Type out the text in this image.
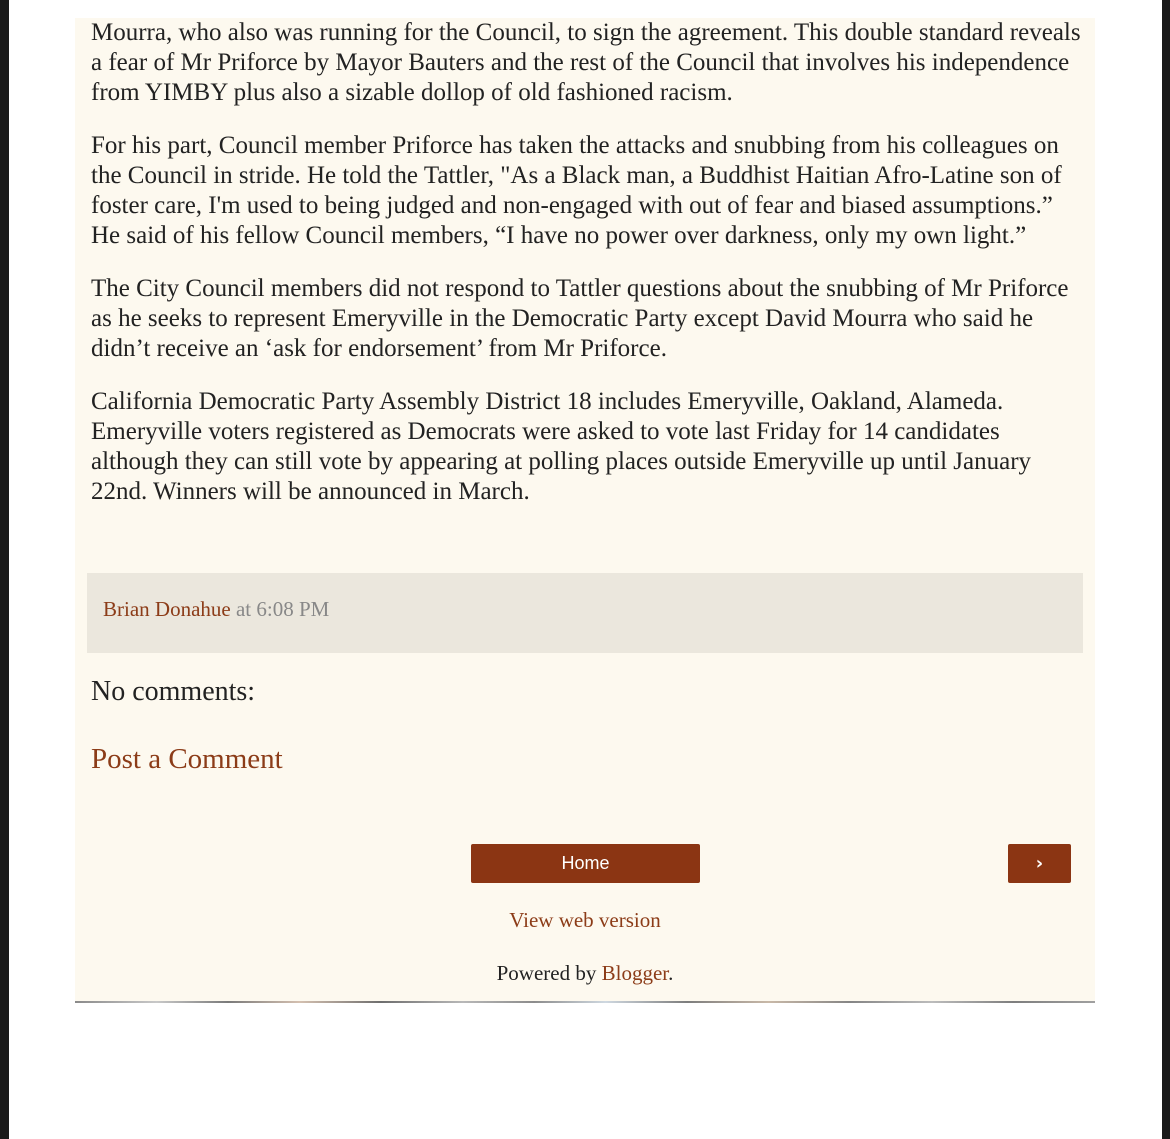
Mourra, who also was running for the Council, to sign the agreement. This double standard reveals a fear of Mr Priforce by Mayor Bauters and the rest of the Council that involves his independence from YIMBY plus also a sizable dollop of old fashioned racism.

For his part, Council member Priforce has taken the attacks and snubbing from his colleagues on the Council in stride. He told the Tattler, "As a Black man, a Buddhist Haitian Afro-Latine son of foster care, I'm used to being judged and non-engaged with out of fear and biased assumptions.” He said of his fellow Council members, “I have no power over darkness, only my own light.”

The City Council members did not respond to Tattler questions about the snubbing of Mr Priforce as he seeks to represent Emeryville in the Democratic Party except David Mourra who said he didn’t receive an ‘ask for endorsement’ from Mr Priforce.

California Democratic Party Assembly District 18 includes Emeryville, Oakland, Alameda. Emeryville voters registered as Democrats were asked to vote last Friday for 14 candidates although they can still vote by appearing at polling places outside Emeryville up until January 22nd. Winners will be announced in March.

Brian Donahue at 6:08 PM
No comments:
Post a Comment
Home	›
View web version
Powered by Blogger.
